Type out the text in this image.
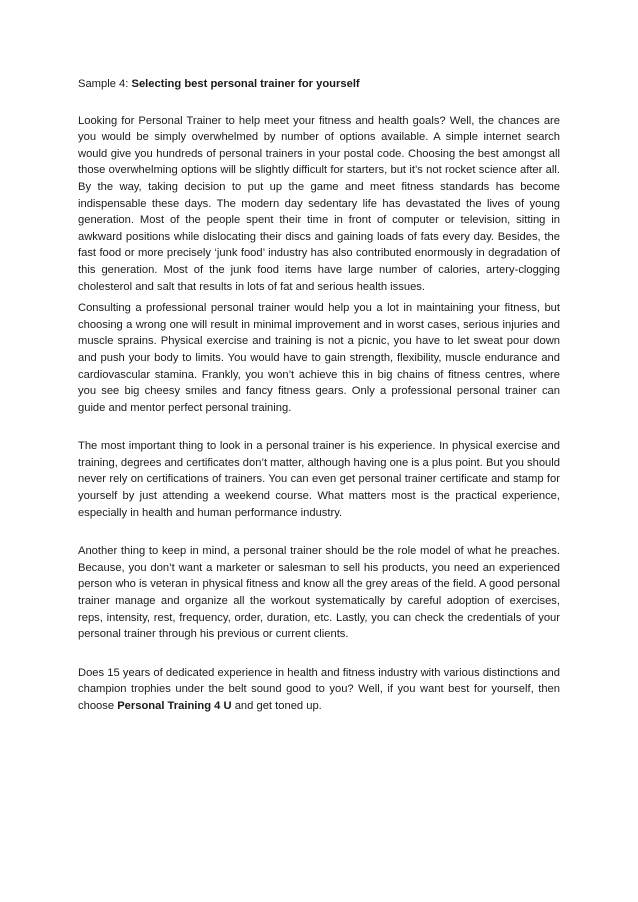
Sample 4: Selecting best personal trainer for yourself

Looking for Personal Trainer to help meet your fitness and health goals? Well, the chances are you would be simply overwhelmed by number of options available. A simple internet search would give you hundreds of personal trainers in your postal code. Choosing the best amongst all those overwhelming options will be slightly difficult for starters, but it’s not rocket science after all. By the way, taking decision to put up the game and meet fitness standards has become indispensable these days. The modern day sedentary life has devastated the lives of young generation. Most of the people spent their time in front of computer or television, sitting in awkward positions while dislocating their discs and gaining loads of fats every day. Besides, the fast food or more precisely ‘junk food’ industry has also contributed enormously in degradation of this generation. Most of the junk food items have large number of calories, artery-clogging cholesterol and salt that results in lots of fat and serious health issues.

Consulting a professional personal trainer would help you a lot in maintaining your fitness, but choosing a wrong one will result in minimal improvement and in worst cases, serious injuries and muscle sprains. Physical exercise and training is not a picnic, you have to let sweat pour down and push your body to limits. You would have to gain strength, flexibility, muscle endurance and cardiovascular stamina. Frankly, you won’t achieve this in big chains of fitness centres, where you see big cheesy smiles and fancy fitness gears. Only a professional personal trainer can guide and mentor perfect personal training.

The most important thing to look in a personal trainer is his experience. In physical exercise and training, degrees and certificates don’t matter, although having one is a plus point. But you should never rely on certifications of trainers. You can even get personal trainer certificate and stamp for yourself by just attending a weekend course. What matters most is the practical experience, especially in health and human performance industry.

Another thing to keep in mind, a personal trainer should be the role model of what he preaches. Because, you don’t want a marketer or salesman to sell his products, you need an experienced person who is veteran in physical fitness and know all the grey areas of the field. A good personal trainer manage and organize all the workout systematically by careful adoption of exercises, reps, intensity, rest, frequency, order, duration, etc. Lastly, you can check the credentials of your personal trainer through his previous or current clients.

Does 15 years of dedicated experience in health and fitness industry with various distinctions and champion trophies under the belt sound good to you? Well, if you want best for yourself, then choose Personal Training 4 U and get toned up.
